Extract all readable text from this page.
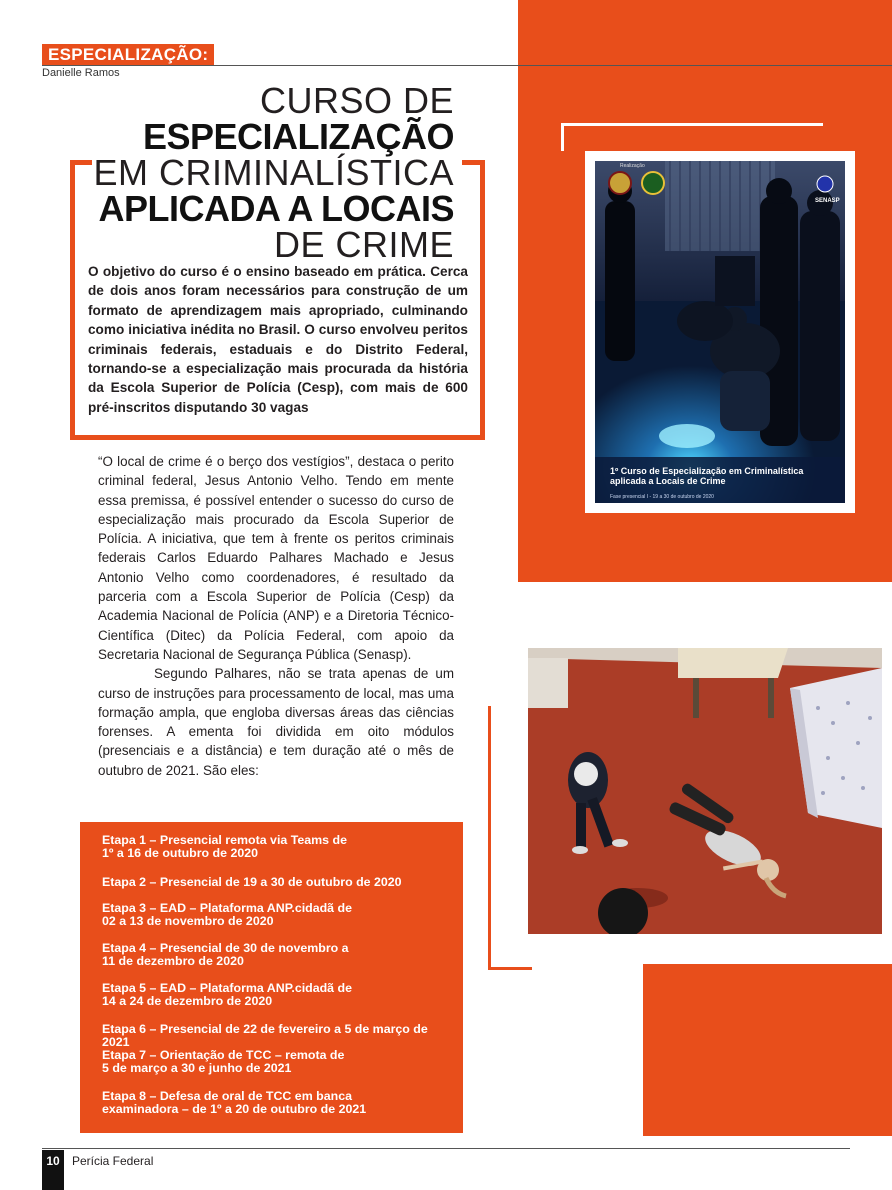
ESPECIALIZAÇÃO:
Danielle Ramos
CURSO DE
ESPECIALIZAÇÃO
EM CRIMINALÍSTICA
APLICADA A LOCAIS
DE CRIME
O objetivo do curso é o ensino baseado em prática. Cerca de dois anos foram necessários para construção de um formato de aprendizagem mais apropriado, culminando como iniciativa inédita no Brasil. O curso envolveu peritos criminais federais, estaduais e do Distrito Federal, tornando-se a especialização mais procurada da história da Escola Superior de Polícia (Cesp), com mais de 600 pré-inscritos disputando 30 vagas

“O local de crime é o berço dos vestígios”, destaca o perito criminal federal, Jesus Antonio Velho. Tendo em mente essa premissa, é possível entender o sucesso do curso de especialização mais procurado da Escola Superior de Polícia. A iniciativa, que tem à frente os peritos criminais federais Carlos Eduardo Palhares Machado e Jesus Antonio Velho como coordenadores, é resultado da parceria com a Escola Superior de Polícia (Cesp) da Academia Nacional de Polícia (ANP) e a Diretoria Técnico-Científica (Ditec) da Polícia Federal, com apoio da Secretaria Nacional de Segurança Pública (Senasp).

Segundo Palhares, não se trata apenas de um curso de instruções para processamento de local, mas uma formação ampla, que engloba diversas áreas das ciências forenses. A ementa foi dividida em oito módulos (presenciais e a distância) e tem duração até o mês de outubro de 2021. São eles:

Etapa 1 – Presencial remota via Teams de
1º a 16 de outubro de 2020
Etapa 2 – Presencial de 19 a 30 de outubro de 2020
Etapa 3 – EAD – Plataforma ANP.cidadã de
02 a 13 de novembro de 2020
Etapa 4 – Presencial de 30 de novembro a
11 de dezembro de 2020
Etapa 5 – EAD – Plataforma ANP.cidadã de
14 a 24 de dezembro de 2020
Etapa 6 – Presencial de 22 de fevereiro a 5 de março de 2021
Etapa 7 – Orientação de TCC – remota de
5 de março a 30 e junho de 2021
Etapa 8 – Defesa de oral de TCC em banca
examinadora – de 1º a 20 de outubro de 2021
Realização
SENASP
1º Curso de Especialização em Criminalística aplicada a Locais de Crime
Fase presencial I - 19 a 30 de outubro de 2020
10	Perícia Federal
